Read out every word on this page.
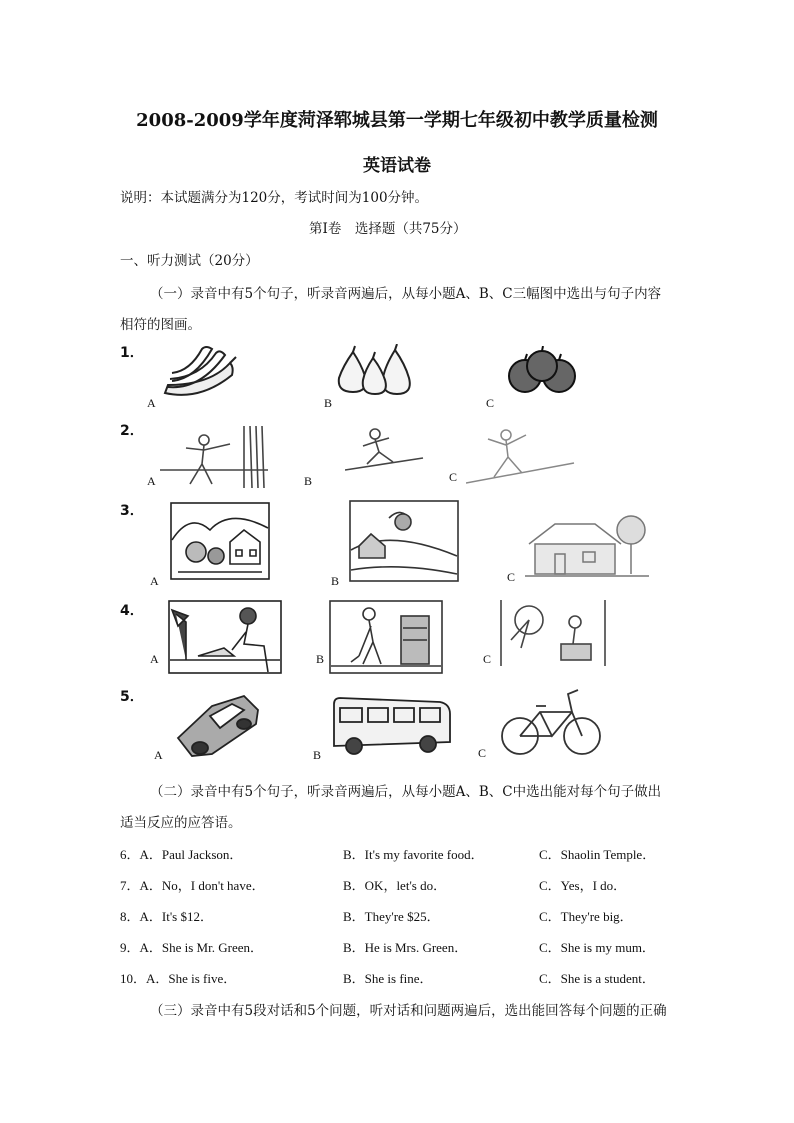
2008-2009学年度菏泽郓城县第一学期七年级初中教学质量检测
英语试卷
说明：本试题满分为120分，考试时间为100分钟。
第Ⅰ卷　选择题（共75分）
一、听力测试（20分）
（一）录音中有5个句子，听录音两遍后，从每小题A、B、C三幅图中选出与句子内容
相符的图画。
1．
A	B	C
2．
A	B	C
3．
A	B	C
4．
A	B	C
5．
A	B	C
（二）录音中有5个句子，听录音两遍后，从每小题A、B、C中选出能对每个句子做出
适当反应的应答语。
6．A．Paul Jackson．	B．It's my favorite food．	C．Shaolin Temple．
7．A．No，I don't have．	B．OK，let's do．	C．Yes，I do．
8．A．It's $12．	B．They're $25．	C．They're big．
9．A．She is Mr. Green．	B．He is Mrs. Green．	C．She is my mum．
10．A．She is five．	B．She is fine．	C．She is a student．
（三）录音中有5段对话和5个问题，听对话和问题两遍后，选出能回答每个问题的正确
